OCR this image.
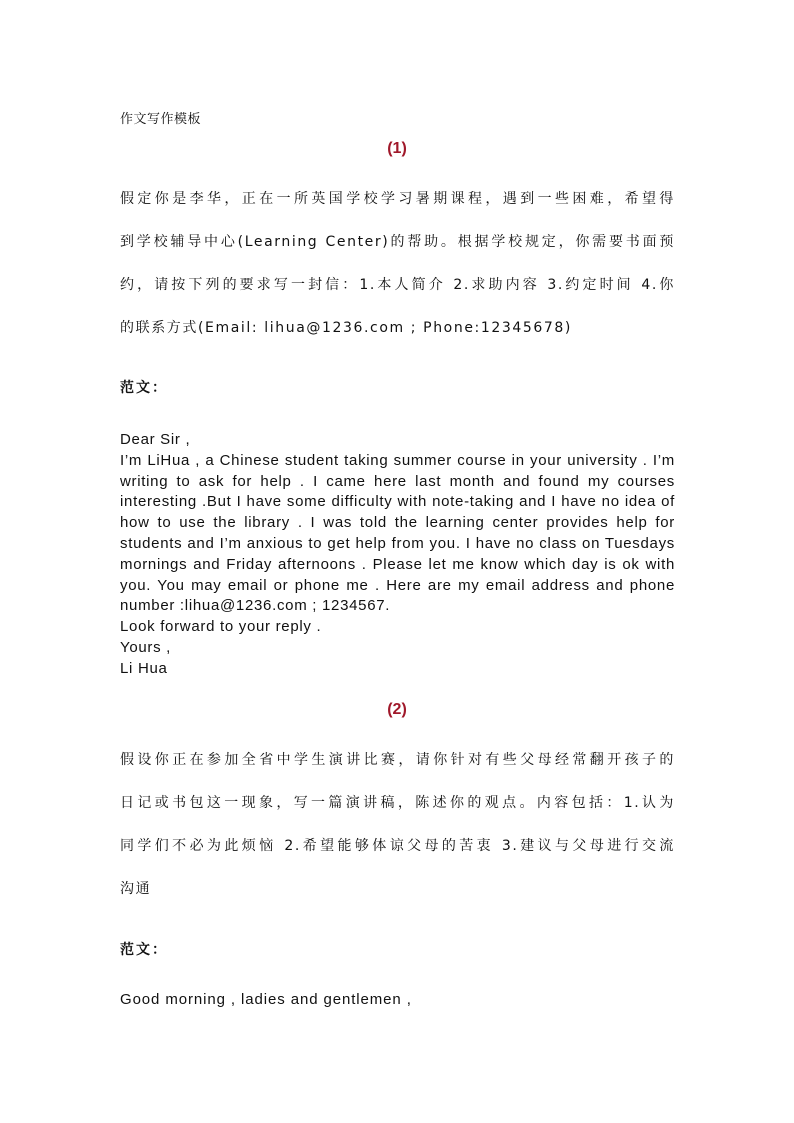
作文写作模板
(1)

假定你是李华，正在一所英国学校学习暑期课程，遇到一些困难，希望得

到学校辅导中心(Learning Center)的帮助。根据学校规定，你需要书面预

约，请按下列的要求写一封信：1.本人简介 2.求助内容 3.约定时间 4.你

的联系方式(Email: lihua@1236.com ; Phone:12345678)

范文：

Dear Sir ,

I’m LiHua , a Chinese student taking summer course in your university . I’m writing to ask for help . I came here last month and found my courses interesting .But I have some difficulty with note-taking and I have no idea of how to use the library . I was told the learning center provides help for students and I’m anxious to get help from you. I have no class on Tuesdays mornings and Friday afternoons . Please let me know which day is ok with you. You may email or phone me . Here are my email address and phone number :lihua@1236.com ; 1234567.

Look forward to your reply .

Yours ,

Li Hua

(2)

假设你正在参加全省中学生演讲比赛，请你针对有些父母经常翻开孩子的

日记或书包这一现象，写一篇演讲稿，陈述你的观点。内容包括：1.认为

同学们不必为此烦恼 2.希望能够体谅父母的苦衷 3.建议与父母进行交流

沟通

范文：
Good morning , ladies and gentlemen ,
